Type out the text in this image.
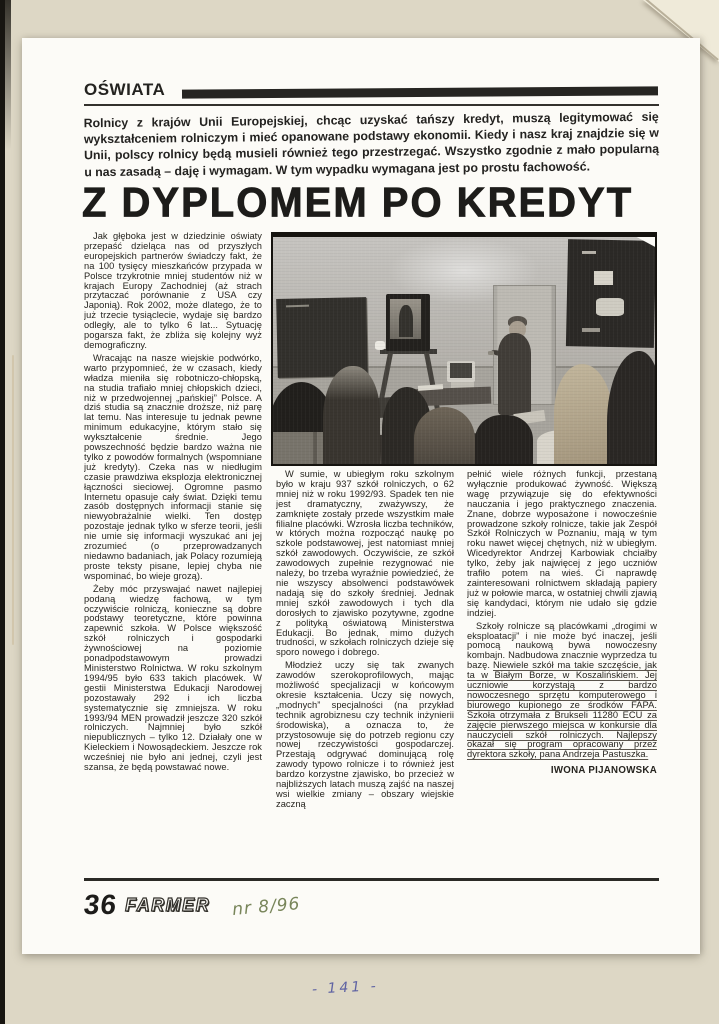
OŚWIATA

Rolnicy z krajów Unii Europejskiej, chcąc uzyskać tańszy kredyt, muszą legitymować się wykształceniem rolniczym i mieć opanowane podstawy ekonomii. Kiedy i nasz kraj znajdzie się w Unii, polscy rolnicy będą musieli również tego przestrzegać. Wszystko zgodnie z mało popularną u nas zasadą – daję i wymagam. W tym wypadku wymagana jest po prostu fachowość.

Z DYPLOMEM PO KREDYT

Jak głęboka jest w dziedzinie oświaty przepaść dzieląca nas od przyszłych europejskich partnerów świadczy fakt, że na 100 tysięcy mieszkańców przypada w Polsce trzykrotnie mniej studentów niż w krajach Europy Zachodniej (aż strach przytaczać porównanie z USA czy Japonią). Rok 2002, może dlatego, że to już trzecie tysiąclecie, wydaje się bardzo odległy, ale to tylko 6 lat... Sytuację pogarsza fakt, że zbliża się kolejny wyż demograficzny.

Wracając na nasze wiejskie podwórko, warto przypomnieć, że w czasach, kiedy władza mieniła się robotniczo-chłopską, na studia trafiało mniej chłopskich dzieci, niż w przedwojennej „pańskiej” Polsce. A dziś studia są znacznie droższe, niż parę lat temu. Nas interesuje tu jednak pewne minimum edukacyjne, którym stało się wykształcenie średnie. Jego powszechność będzie bardzo ważna nie tylko z powodów formalnych (wspomniane już kredyty). Czeka nas w niedługim czasie prawdziwa eksplozja elektronicznej łączności sieciowej. Ogromne pasmo Internetu opasuje cały świat. Dzięki temu zasób dostępnych informacji stanie się niewyobrażalnie wielki. Ten dostęp pozostaje jednak tylko w sferze teorii, jeśli nie umie się informacji wyszukać ani jej zrozumieć (o przeprowadzanych niedawno badaniach, jak Polacy rozumieją proste teksty pisane, lepiej chyba nie wspominać, bo wieje grozą).

Żeby móc przyswajać nawet najlepiej podaną wiedzę fachową, w tym oczywiście rolniczą, konieczne są dobre podstawy teoretyczne, które powinna zapewnić szkoła. W Polsce większość szkół rolniczych i gospodarki żywnościowej na poziomie ponadpodstawowym prowadzi Ministerstwo Rolnictwa. W roku szkolnym 1994/95 było 633 takich placówek. W gestii Ministerstwa Edukacji Narodowej pozostawały 292 i ich liczba systematycznie się zmniejsza. W roku 1993/94 MEN prowadził jeszcze 320 szkół rolniczych. Najmniej było szkół niepublicznych – tylko 12. Działały one w Kieleckiem i Nowosądeckiem. Jeszcze rok wcześniej nie było ani jednej, czyli jest szansa, że będą powstawać nowe.

W sumie, w ubiegłym roku szkolnym było w kraju 937 szkół rolniczych, o 62 mniej niż w roku 1992/93. Spadek ten nie jest dramatyczny, zważywszy, że zamknięte zostały przede wszystkim małe filialne placówki. Wzrosła liczba techników, w których można rozpocząć naukę po szkole podstawowej, jest natomiast mniej szkół zawodowych. Oczywiście, ze szkół zawodowych zupełnie rezygnować nie należy, bo trzeba wyraźnie powiedzieć, że nie wszyscy absolwenci podstawówek nadają się do szkoły średniej. Jednak mniej szkół zawodowych i tych dla dorosłych to zjawisko pozytywne, zgodne z polityką oświatową Ministerstwa Edukacji. Bo jednak, mimo dużych trudności, w szkołach rolniczych dzieje się sporo nowego i dobrego.

Młodzież uczy się tak zwanych zawodów szerokoprofilowych, mając możliwość specjalizacji w końcowym okresie kształcenia. Uczy się nowych, „modnych” specjalności (na przykład technik agrobiznesu czy technik inżynierii środowiska), a oznacza to, że przystosowuje się do potrzeb regionu czy nowej rzeczywistości gospodarczej. Przestają odgrywać dominującą rolę zawody typowo rolnicze i to również jest bardzo korzystne zjawisko, bo przecież w najbliższych latach muszą zajść na naszej wsi wielkie zmiany – obszary wiejskie zaczną

pełnić wiele różnych funkcji, przestaną wyłącznie produkować żywność. Większą wagę przywiązuje się do efektywności nauczania i jego praktycznego znaczenia. Znane, dobrze wyposażone i nowocześnie prowadzone szkoły rolnicze, takie jak Zespół Szkół Rolniczych w Poznaniu, mają w tym roku nawet więcej chętnych, niż w ubiegłym. Wicedyrektor Andrzej Karbowiak chciałby tylko, żeby jak najwięcej z jego uczniów trafiło potem na wieś. Ci naprawdę zainteresowani rolnictwem składają papiery już w połowie marca, w ostatniej chwili zjawią się kandydaci, którym nie udało się gdzie indziej.

Szkoły rolnicze są placówkami „drogimi w eksploatacji” i nie może być inaczej, jeśli pomocą naukową bywa nowoczesny kombajn. Nadbudowa znacznie wyprzedza tu bazę. Niewiele szkół ma takie szczęście, jak ta w Białym Borze, w Koszalińskiem. Jej uczniowie korzystają z bardzo nowoczesnego sprzętu komputerowego i biurowego kupionego ze środków FAPA. Szkoła otrzymała z Brukseli 11280 ECU za zajęcie pierwszego miejsca w konkursie dla nauczycieli szkół rolniczych. Najlepszy okazał się program opracowany przez dyrektora szkoły, pana Andrzeja Pastuszka.

IWONA PIJANOWSKA

36 FARMER nr 8/96
- 141 -
